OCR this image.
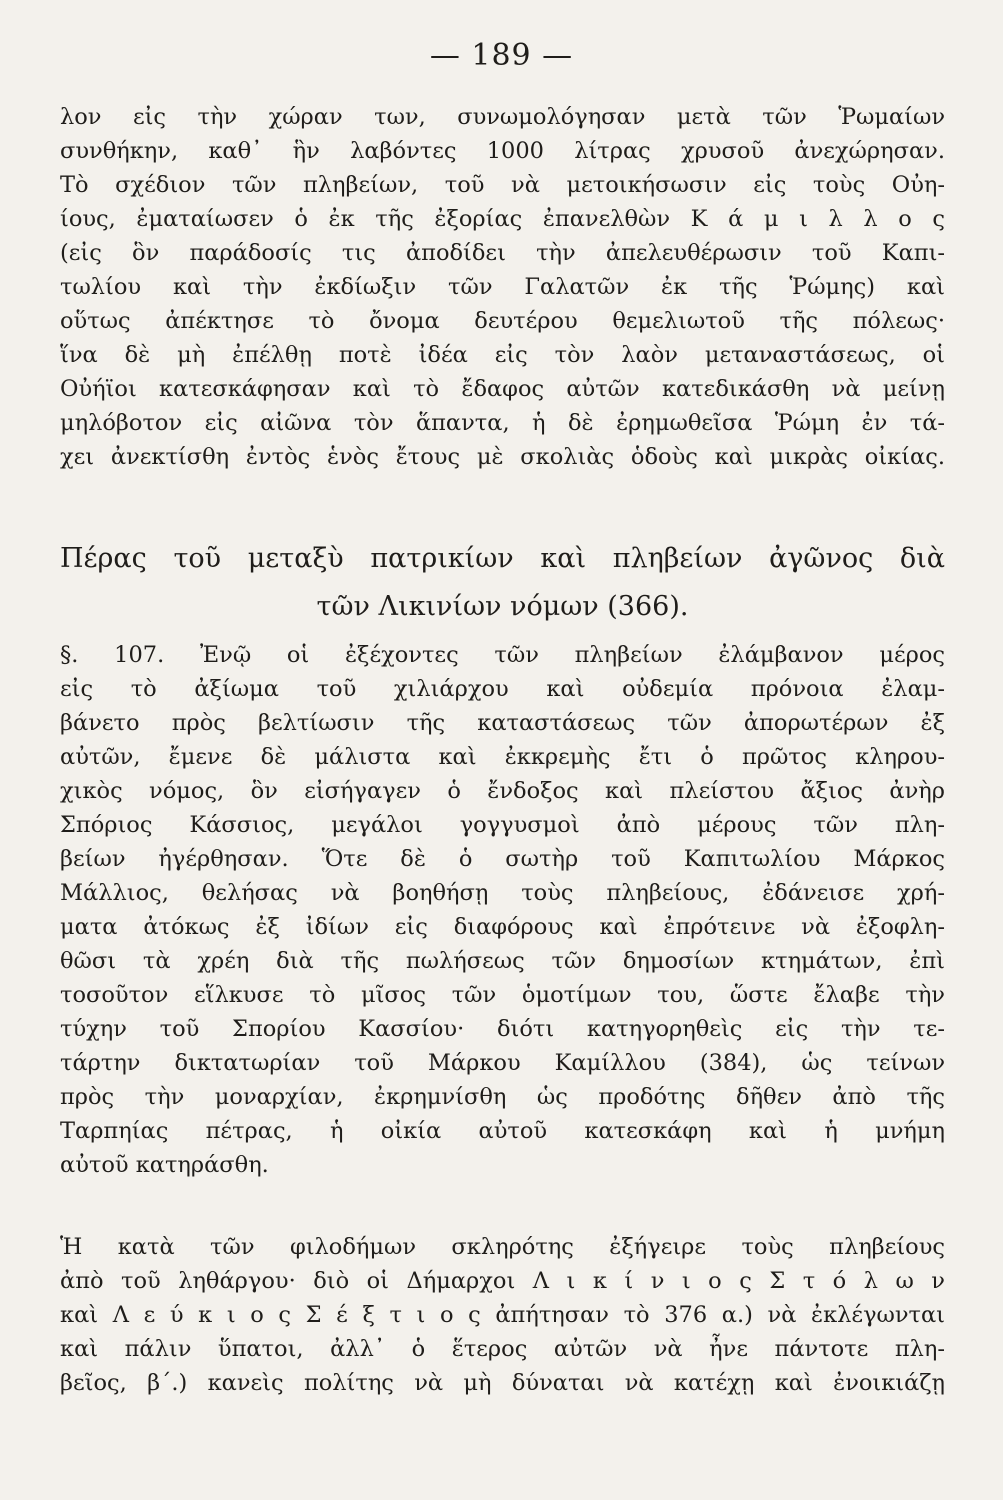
— 189 —
λον εἰς τὴν χώραν των, συνωμολόγησαν μετὰ τῶν Ῥωμαίων
συνθήκην, καθ᾽ ἣν λαβόντες 1000 λίτρας χρυσοῦ ἀνεχώρησαν.
Τὸ σχέδιον τῶν πληβείων, τοῦ νὰ μετοικήσωσιν εἰς τοὺς Οὐη-
ίους, ἐματαίωσεν ὁ ἐκ τῆς ἐξορίας ἐπανελθὼν Κ ά μ ι λ λ ο ς
(εἰς ὃν παράδοσίς τις ἀποδίδει τὴν ἀπελευθέρωσιν τοῦ Καπι-
τωλίου καὶ τὴν ἐκδίωξιν τῶν Γαλατῶν ἐκ τῆς Ῥώμης) καὶ
οὕτως ἀπέκτησε τὸ ὄνομα δευτέρου θεμελιωτοῦ τῆς πόλεως·
ἵνα δὲ μὴ ἐπέλθῃ ποτὲ ἰδέα εἰς τὸν λαὸν μεταναστάσεως, οἱ
Οὐήϊοι κατεσκάφησαν καὶ τὸ ἔδαφος αὐτῶν κατεδικάσθη νὰ μείνῃ
μηλόβοτον εἰς αἰῶνα τὸν ἅπαντα, ἡ δὲ ἐρημωθεῖσα Ῥώμη ἐν τά-
χει ἀνεκτίσθη ἐντὸς ἑνὸς ἔτους μὲ σκολιὰς ὁδοὺς καὶ μικρὰς οἰκίας.
Πέρας τοῦ μεταξὺ πατρικίων καὶ πληβείων ἀγῶνος διὰ
τῶν Λικινίων νόμων (366).
§. 107. Ἐνῷ οἱ ἐξέχοντες τῶν πληβείων ἐλάμβανον μέρος
εἰς τὸ ἀξίωμα τοῦ χιλιάρχου καὶ οὐδεμία πρόνοια ἐλαμ-
βάνετο πρὸς βελτίωσιν τῆς καταστάσεως τῶν ἀπορωτέρων ἐξ
αὐτῶν, ἔμενε δὲ μάλιστα καὶ ἐκκρεμὴς ἔτι ὁ πρῶτος κληρου-
χικὸς νόμος, ὃν εἰσήγαγεν ὁ ἔνδοξος καὶ πλείστου ἄξιος ἀνὴρ
Σπόριος Κάσσιος, μεγάλοι γογγυσμοὶ ἀπὸ μέρους τῶν πλη-
βείων ἠγέρθησαν. Ὅτε δὲ ὁ σωτὴρ τοῦ Καπιτωλίου Μάρκος
Μάλλιος, θελήσας νὰ βοηθήσῃ τοὺς πληβείους, ἐδάνεισε χρή-
ματα ἀτόκως ἐξ ἰδίων εἰς διαφόρους καὶ ἐπρότεινε νὰ ἐξοφλη-
θῶσι τὰ χρέη διὰ τῆς πωλήσεως τῶν δημοσίων κτημάτων, ἐπὶ
τοσοῦτον εἵλκυσε τὸ μῖσος τῶν ὁμοτίμων του, ὥστε ἔλαβε τὴν
τύχην τοῦ Σπορίου Κασσίου· διότι κατηγορηθεὶς εἰς τὴν τε-
τάρτην δικτατωρίαν τοῦ Μάρκου Καμίλλου (384), ὡς τείνων
πρὸς τὴν μοναρχίαν, ἐκρημνίσθη ὡς προδότης δῆθεν ἀπὸ τῆς
Ταρπηίας πέτρας, ἡ οἰκία αὐτοῦ κατεσκάφη καὶ ἡ μνήμη
αὐτοῦ κατηράσθη.
Ἡ κατὰ τῶν φιλοδήμων σκληρότης ἐξήγειρε τοὺς πληβείους
ἀπὸ τοῦ ληθάργου· διὸ οἱ Δήμαρχοι Λ ι κ ί ν ι ο ς Σ τ ό λ ω ν
καὶ Λ ε ύ κ ι ο ς Σ έ ξ τ ι ο ς ἀπήτησαν τὸ 376 α.) νὰ ἐκλέγωνται
καὶ πάλιν ὕπατοι, ἀλλ᾽ ὁ ἕτερος αὐτῶν νὰ ἦνε πάντοτε πλη-
βεῖος, β΄.) κανεὶς πολίτης νὰ μὴ δύναται νὰ κατέχῃ καὶ ἐνοικιάζῃ
